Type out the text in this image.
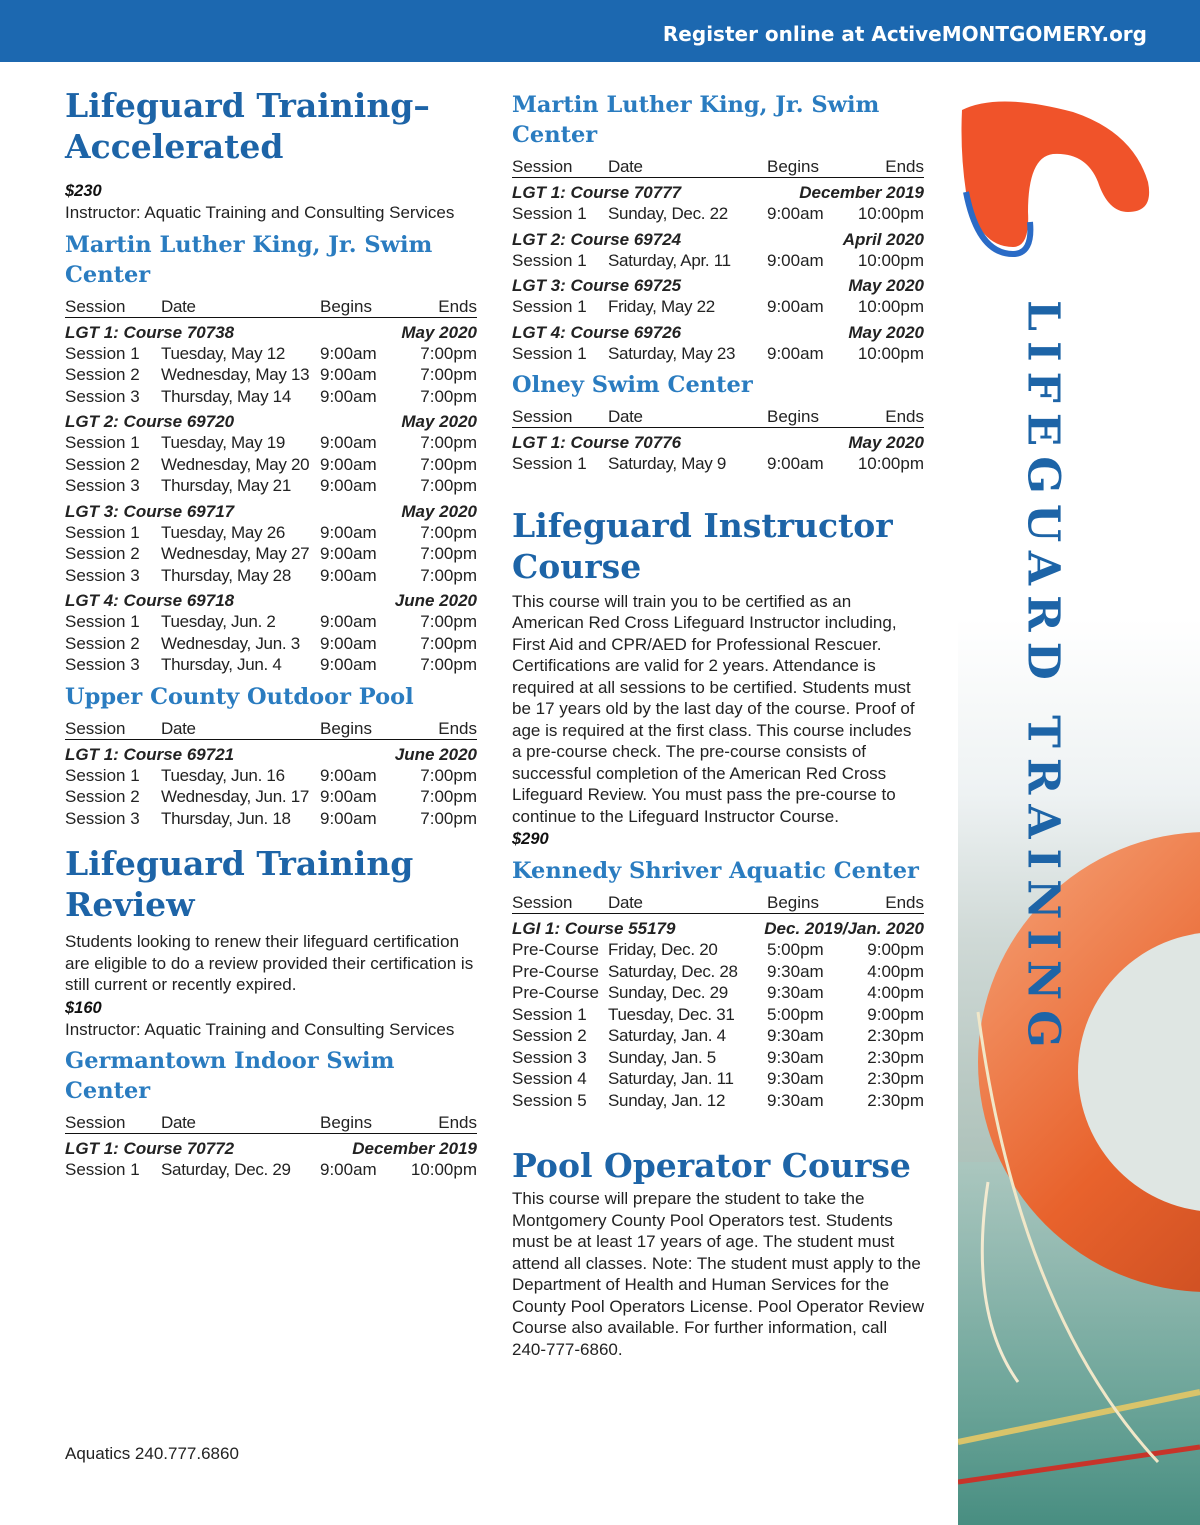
Register online at ActiveMONTGOMERY.org
LIFEGUARD TRAINING
Lifeguard Training–
Accelerated
$230
Instructor: Aquatic Training and Consulting Services
Martin Luther King, Jr. Swim
Center
Session	Date	Begins	Ends
LGT 1: Course 70738	May 2020
Session 1	Tuesday, May 12	9:00am	7:00pm
Session 2	Wednesday, May 13 9:00am	7:00pm
Session 3	Thursday, May 14	9:00am	7:00pm
LGT 2: Course 69720	May 2020
Session 1	Tuesday, May 19	9:00am	7:00pm
Session 2	Wednesday, May 20 9:00am	7:00pm
Session 3	Thursday, May 21	9:00am	7:00pm
LGT 3: Course 69717	May 2020
Session 1	Tuesday, May 26	9:00am	7:00pm
Session 2	Wednesday, May 27 9:00am	7:00pm
Session 3	Thursday, May 28	9:00am	7:00pm
LGT 4: Course 69718	June 2020
Session 1	Tuesday, Jun. 2	9:00am	7:00pm
Session 2	Wednesday, Jun. 3	9:00am	7:00pm
Session 3	Thursday, Jun. 4	9:00am	7:00pm
Upper County Outdoor Pool
Session	Date	Begins	Ends
LGT 1: Course 69721	June 2020
Session 1	Tuesday, Jun. 16	9:00am	7:00pm
Session 2	Wednesday, Jun. 17 9:00am	7:00pm
Session 3	Thursday, Jun. 18	9:00am	7:00pm
Lifeguard Training
Review
Students looking to renew their lifeguard certification are eligible to do a review provided their certification is still current or recently expired.
$160
Instructor: Aquatic Training and Consulting Services
Germantown Indoor Swim Center
Session	Date	Begins	Ends
LGT 1: Course 70772	December 2019
Session 1	Saturday, Dec. 29	9:00am	10:00pm
Martin Luther King, Jr. Swim
Center
Session	Date	Begins	Ends
LGT 1: Course 70777	December 2019
Session 1	Sunday, Dec. 22	9:00am	10:00pm
LGT 2: Course 69724	April 2020
Session 1	Saturday, Apr. 11	9:00am	10:00pm
LGT 3: Course 69725	May 2020
Session 1	Friday, May 22	9:00am	10:00pm
LGT 4: Course 69726	May 2020
Session 1	Saturday, May 23	9:00am	10:00pm
Olney Swim Center
Session	Date	Begins	Ends
LGT 1: Course 70776	May 2020
Session 1	Saturday, May 9	9:00am	10:00pm
Lifeguard Instructor
Course
This course will train you to be certified as an American Red Cross Lifeguard Instructor including, First Aid and CPR/AED for Professional Rescuer. Certifications are valid for 2 years. Attendance is required at all sessions to be certified. Students must be 17 years old by the last day of the course. Proof of age is required at the first class. This course includes a pre-course check. The pre-course consists of successful completion of the American Red Cross Lifeguard Review. You must pass the pre-course to continue to the Lifeguard Instructor Course.
$290
Kennedy Shriver Aquatic Center
Session	Date	Begins	Ends
LGI 1: Course 55179	Dec. 2019/Jan. 2020
Pre-Course Friday, Dec. 20	5:00pm	9:00pm
Pre-Course Saturday, Dec. 28	9:30am	4:00pm
Pre-Course Sunday, Dec. 29	9:30am	4:00pm
Session 1	Tuesday, Dec. 31	5:00pm	9:00pm
Session 2	Saturday, Jan. 4	9:30am	2:30pm
Session 3	Sunday, Jan. 5	9:30am	2:30pm
Session 4	Saturday, Jan. 11	9:30am	2:30pm
Session 5	Sunday, Jan. 12	9:30am	2:30pm
Pool Operator Course
This course will prepare the student to take the Montgomery County Pool Operators test. Students must be at least 17 years of age. The student must attend all classes. Note: The student must apply to the Department of Health and Human Services for the County Pool Operators License. Pool Operator Review Course also available. For further information, call 240-777-6860.
Aquatics 240.777.6860
